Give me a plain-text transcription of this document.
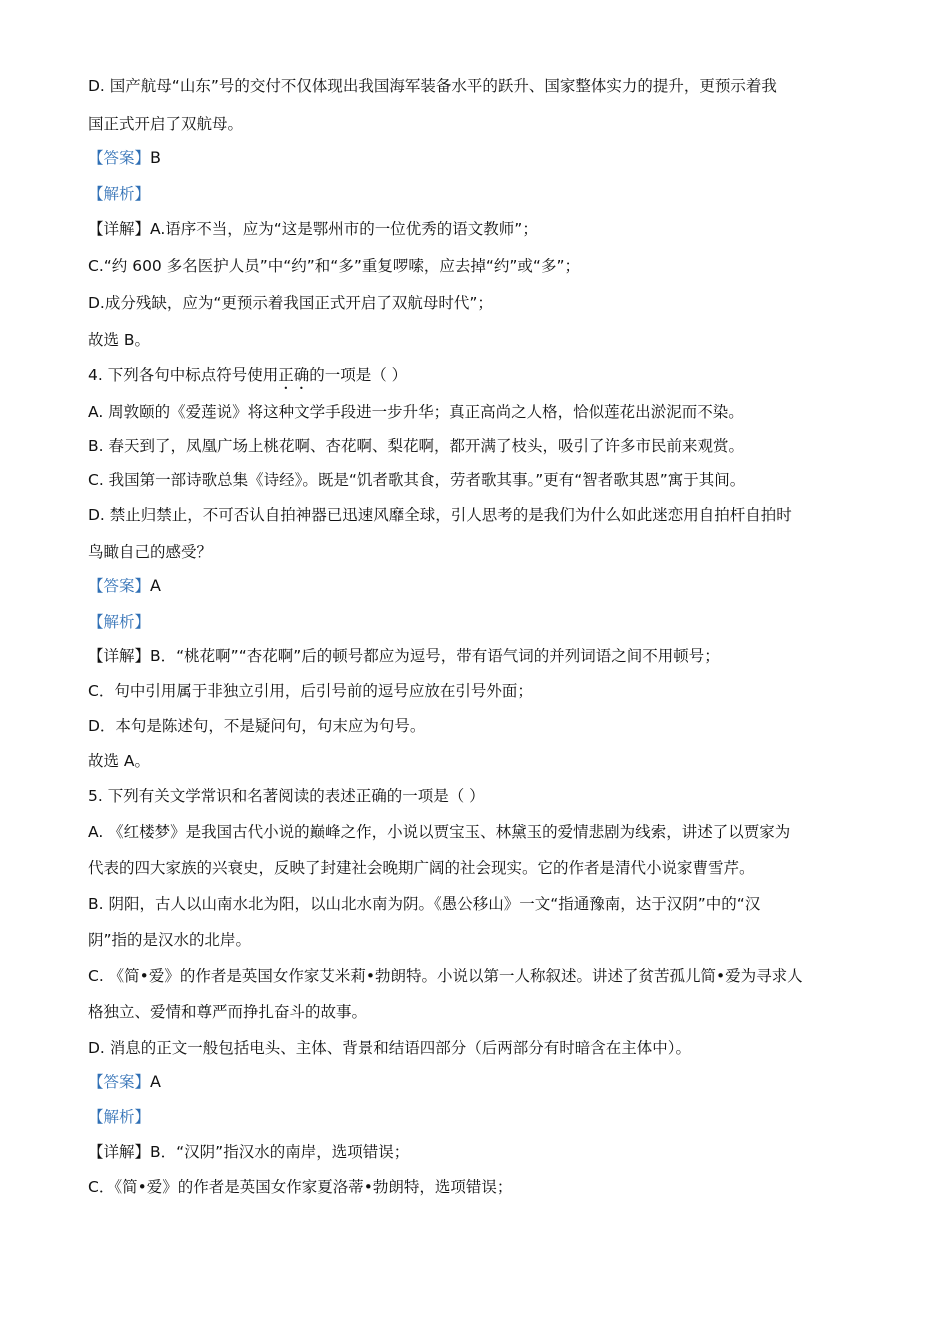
D. 国产航母“山东”号的交付不仅体现出我国海军装备水平的跃升、国家整体实力的提升，更预示着我
国正式开启了双航母。
【答案】B
【解析】
【详解】A.语序不当，应为“这是鄂州市的一位优秀的语文教师”；
C.“约 600 多名医护人员”中“约”和“多”重复啰嗦，应去掉“约”或“多”；
D.成分残缺，应为“更预示着我国正式开启了双航母时代”；
故选 B。
4. 下列各句中标点符号使用正确的一项是（ ）
A. 周敦颐的《爱莲说》将这种文学手段进一步升华；真正高尚之人格，恰似莲花出淤泥而不染。
B. 春天到了，凤凰广场上桃花啊、杏花啊、梨花啊，都开满了枝头，吸引了许多市民前来观赏。
C. 我国第一部诗歌总集《诗经》。既是“饥者歌其食，劳者歌其事。”更有“智者歌其恩”寓于其间。
D. 禁止归禁止，不可否认自拍神器已迅速风靡全球，引人思考的是我们为什么如此迷恋用自拍杆自拍时
鸟瞰自己的感受？
【答案】A
【解析】
【详解】B．“桃花啊”“杏花啊”后的顿号都应为逗号，带有语气词的并列词语之间不用顿号；
C．句中引用属于非独立引用，后引号前的逗号应放在引号外面；
D．本句是陈述句，不是疑问句，句末应为句号。
故选 A。
5. 下列有关文学常识和名著阅读的表述正确的一项是（ ）
A. 《红楼梦》是我国古代小说的巅峰之作，小说以贾宝玉、林黛玉的爱情悲剧为线索，讲述了以贾家为
代表的四大家族的兴衰史，反映了封建社会晚期广阔的社会现实。它的作者是清代小说家曹雪芹。
B. 阴阳，古人以山南水北为阳，以山北水南为阴。《愚公移山》一文“指通豫南，达于汉阴”中的“汉
阴”指的是汉水的北岸。
C. 《简•爱》的作者是英国女作家艾米莉•勃朗特。小说以第一人称叙述。讲述了贫苦孤儿简•爱为寻求人
格独立、爱情和尊严而挣扎奋斗的故事。
D. 消息的正文一般包括电头、主体、背景和结语四部分（后两部分有时暗含在主体中）。
【答案】A
【解析】
【详解】B．“汉阴”指汉水的南岸，选项错误；
C．《简•爱》的作者是英国女作家夏洛蒂•勃朗特，选项错误；
